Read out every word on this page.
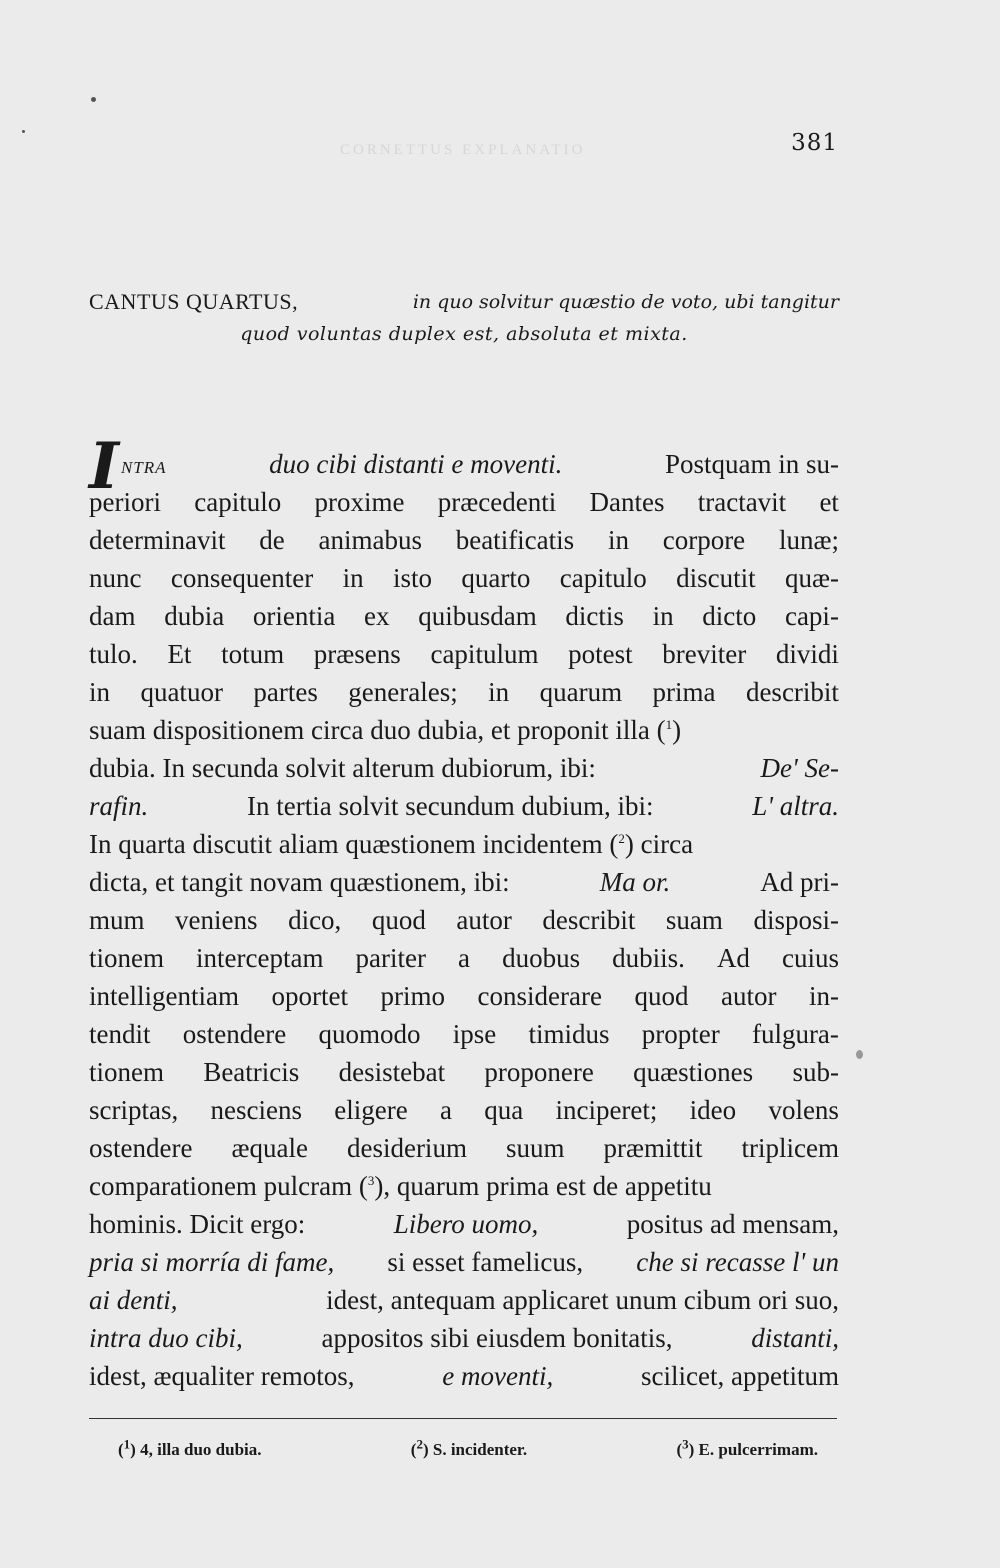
CORNETTUS EXPLANATIO	381
CANTUS QUARTUS,	in quo solvitur quæstio de voto, ubi tangitur
quod voluntas duplex est, absoluta et mixta.
INTRA	duo cibi distanti e moventi.	Postquam in su-
periori capitulo proxime præcedenti Dantes tractavit et
determinavit de animabus beatificatis in corpore lunæ;
nunc consequenter in isto quarto capitulo discutit quæ-
dam dubia orientia ex quibusdam dictis in dicto capi-
tulo. Et totum præsens capitulum potest breviter dividi
in quatuor partes generales; in quarum prima describit
suam dispositionem circa duo dubia, et proponit illa ($^1$)
dubia. In secunda solvit alterum dubiorum, ibi:	De' Se-
rafin.	In tertia solvit secundum dubium, ibi:	L' altra.
In quarta discutit aliam quæstionem incidentem ($^2$) circa
dicta, et tangit novam quæstionem, ibi:	Ma or.	Ad pri-
mum veniens dico, quod autor describit suam disposi-
tionem interceptam pariter a duobus dubiis. Ad cuius
intelligentiam oportet primo considerare quod autor in-
tendit ostendere quomodo ipse timidus propter fulgura-
tionem Beatricis desistebat proponere quæstiones sub-
scriptas, nesciens eligere a qua inciperet; ideo volens
ostendere æquale desiderium suum præmittit triplicem
comparationem pulcram ($^3$), quarum prima est de appetitu
hominis. Dicit ergo:	Libero uomo,	positus ad mensam,
pria si morría di fame, si esset famelicus, che si recasse l' un
ai denti,	idest, antequam applicaret unum cibum ori suo,
intra duo cibi,	appositos sibi eiusdem bonitatis,	distanti,
idest, æqualiter remotos,	e moventi,	scilicet, appetitum
($^1$) 4, illa duo dubia.	($^2$) S. incidenter.	($^3$) E. pulcerrimam.
